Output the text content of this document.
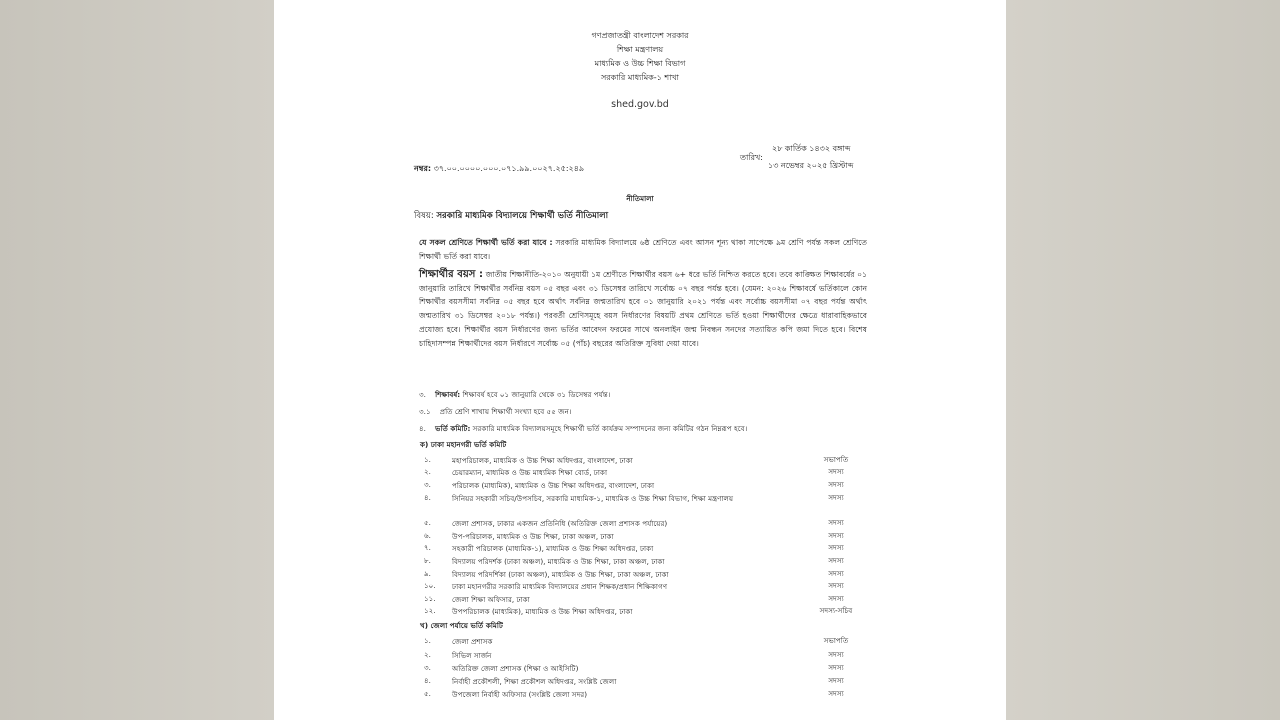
গণপ্রজাতন্ত্রী বাংলাদেশ সরকার
শিক্ষা মন্ত্রণালয়
মাধ্যমিক ও উচ্চ শিক্ষা বিভাগ
সরকারি মাধ্যমিক-১ শাখা
shed.gov.bd
২৮ কার্তিক ১৪৩২ বঙ্গাব্দ
তারিখ:
১৩ নভেম্বর ২০২৫ খ্রিস্টাব্দ
নম্বর: ৩৭.০০.০০০০.০০০.০৭১.৯৯.০০২৭.২৫:২৪৯
নীতিমালা
বিষয়: সরকারি মাধ্যমিক বিদ্যালয়ে শিক্ষার্থী ভর্তি নীতিমালা
যে সকল শ্রেণিতে শিক্ষার্থী ভর্তি করা যাবে : সরকারি মাধ্যমিক বিদ্যালয়ে ৬ষ্ঠ শ্রেণিতে এবং আসন শূন্য থাকা সাপেক্ষে ৯ম শ্রেণি পর্যন্ত সকল শ্রেণিতে শিক্ষার্থী ভর্তি করা যাবে।
শিক্ষার্থীর বয়স : জাতীয় শিক্ষানীতি-২০১০ অনুযায়ী ১ম শ্রেণীতে শিক্ষার্থীর বয়স ৬+ ধরে ভর্তি নিশ্চিত করতে হবে। তবে কাঙ্ক্ষিত শিক্ষাবর্ষের ০১ জানুয়ারি তারিখে শিক্ষার্থীর সর্বনিম্ন বয়স ০৫ বছর এবং ৩১ ডিসেম্বর তারিখে সর্বোচ্চ ০৭ বছর পর্যন্ত হবে। (যেমন: ২০২৬ শিক্ষাবর্ষে ভর্তিকালে কোন শিক্ষার্থীর বয়সসীমা সর্বনিম্ন ০৫ বছর হবে অর্থাৎ সর্বনিম্ন জন্মতারিখ হবে ০১ জানুয়ারি ২০২১ পর্যন্ত এবং সর্বোচ্চ বয়সসীমা ০৭ বছর পর্যন্ত অর্থাৎ জন্মতারিখ ৩১ ডিসেম্বর ২০১৮ পর্যন্ত।) পরবর্তী শ্রেণিসমূহে বয়স নির্ধারণের বিষয়টি প্রথম শ্রেণিতে ভর্তি হওয়া শিক্ষার্থীদের ক্ষেত্রে ধারাবাহিকভাবে প্রযোজ্য হবে। শিক্ষার্থীর বয়স নির্ধারণের জন্য ভর্তির আবেদন ফরমের সাথে অনলাইন জন্ম নিবন্ধন সনদের সত্যায়িত কপি জমা দিতে হবে। বিশেষ চাহিদাসম্পন্ন শিক্ষার্থীদের বয়স নির্ধারণে সর্বোচ্চ ০৫ (পাঁচ) বছরের অতিরিক্ত সুবিধা দেয়া যাবে।
৩. শিক্ষাবর্ষ: শিক্ষাবর্ষ হবে ০১ জানুয়ারি থেকে ৩১ ডিসেম্বর পর্যন্ত।
৩.১ প্রতি শ্রেণি শাখায় শিক্ষার্থী সংখ্যা হবে ৫৫ জন।
৪. ভর্তি কমিটি: সরকারি মাধ্যমিক বিদ্যালয়সমূহে শিক্ষার্থী ভর্তি কার্যক্রম সম্পাদনের জন্য কমিটির গঠন নিম্নরূপ হবে।
ক) ঢাকা মহানগরী ভর্তি কমিটি
১.	মহাপরিচালক, মাধ্যমিক ও উচ্চ শিক্ষা অধিদপ্তর, বাংলাদেশ, ঢাকা	সভাপতি
২.	চেয়ারম্যান, মাধ্যমিক ও উচ্চ মাধ্যমিক শিক্ষা বোর্ড, ঢাকা	সদস্য
৩.	পরিচালক (মাধ্যমিক), মাধ্যমিক ও উচ্চ শিক্ষা অধিদপ্তর, বাংলাদেশ, ঢাকা	সদস্য
৪.	সিনিয়র সহকারী সচিব/উপসচিব, সরকারি মাধ্যমিক-১, মাধ্যমিক ও উচ্চ শিক্ষা বিভাগ, শিক্ষা মন্ত্রণালয়	সদস্য
৫.	জেলা প্রশাসক, ঢাকার একজন প্রতিনিধি (অতিরিক্ত জেলা প্রশাসক পর্যায়ের)	সদস্য
৬.	উপ-পরিচালক, মাধ্যমিক ও উচ্চ শিক্ষা, ঢাকা অঞ্চল, ঢাকা	সদস্য
৭.	সহকারী পরিচালক (মাধ্যমিক-১), মাধ্যমিক ও উচ্চ শিক্ষা অধিদপ্তর, ঢাকা	সদস্য
৮.	বিদ্যালয় পরিদর্শক (ঢাকা অঞ্চল), মাধ্যমিক ও উচ্চ শিক্ষা, ঢাকা অঞ্চল, ঢাকা	সদস্য
৯.	বিদ্যালয় পরিদর্শিকা (ঢাকা অঞ্চল), মাধ্যমিক ও উচ্চ শিক্ষা, ঢাকা অঞ্চল, ঢাকা	সদস্য
১০. ঢাকা মহানগরীর সরকারি মাধ্যমিক বিদ্যালয়ের প্রধান শিক্ষক/প্রধান শিক্ষিকাগণ	সদস্য
১১. জেলা শিক্ষা অফিসার, ঢাকা	সদস্য
১২. উপপরিচালক (মাধ্যমিক), মাধ্যমিক ও উচ্চ শিক্ষা অধিদপ্তর, ঢাকা	সদস্য-সচিব
খ) জেলা পর্যায়ে ভর্তি কমিটি
১.	জেলা প্রশাসক	সভাপতি
২.	সিভিল সার্জন	সদস্য
৩.	অতিরিক্ত জেলা প্রশাসক (শিক্ষা ও আইসিটি)	সদস্য
৪.	নির্বাহী প্রকৌশলী, শিক্ষা প্রকৌশল অধিদপ্তর, সংশ্লিষ্ট জেলা	সদস্য
৫.	উপজেলা নির্বাহী অফিসার (সংশ্লিষ্ট জেলা সদর)	সদস্য
